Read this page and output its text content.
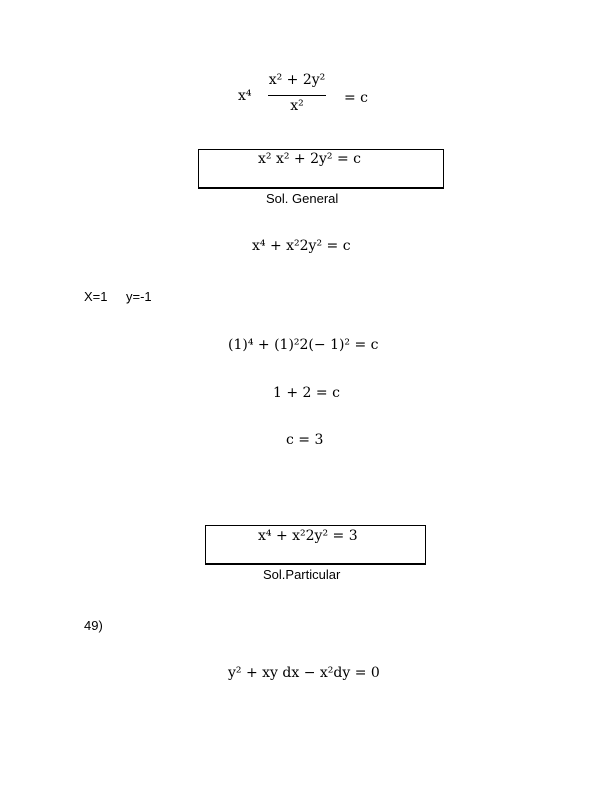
x⁴
x² + 2y²
x²	= c
x² x² + 2y² = c
Sol. General
x⁴ + x²2y² = c
X=1 y=-1
(1)⁴ + (1)²2(− 1)² = c
1 + 2 = c
c = 3
x⁴ + x²2y² = 3
Sol.Particular
49)
y² + xy dx − x²dy = 0
